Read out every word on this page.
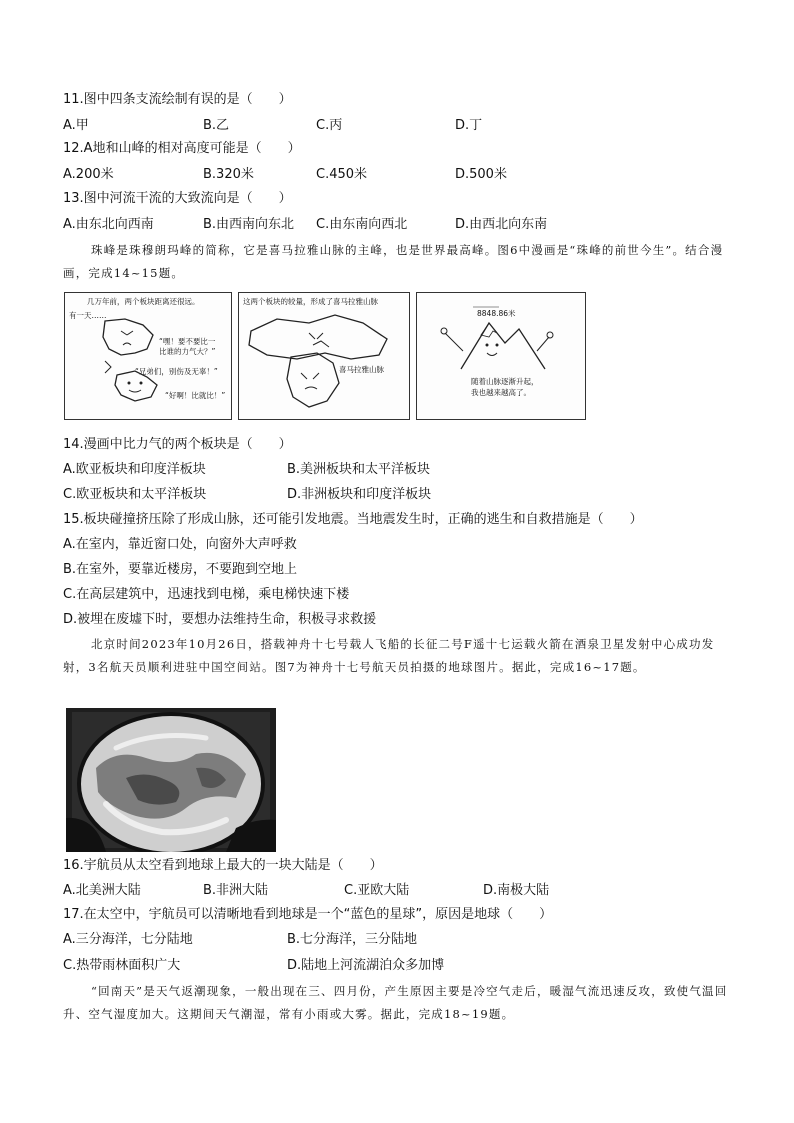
11.图中四条支流绘制有误的是（　　）
A.甲	B.乙	C.丙	D.丁
12.A地和山峰的相对高度可能是（　　）
A.200米	B.320米	C.450米	D.500米
13.图中河流干流的大致流向是（　　）
A.由东北向西南	B.由西南向东北 C.由东南向西北	D.由西北向东南
珠峰是珠穆朗玛峰的简称，它是喜马拉雅山脉的主峰，也是世界最高峰。图6中漫画是“珠峰的前世今生”。结合漫画，完成14~15题。
几万年前，两个板块距离还很远。
有一天……
“嘿！要不要比一
比谁的力气大？”
“兄弟们，别伤及无辜！”
“好啊！比就比！”
这两个板块的较量，形成了喜马拉雅山脉
喜马拉雅山脉
8848.86米
随着山脉逐渐升起，
我也越来越高了。
14.漫画中比力气的两个板块是（　　）
A.欧亚板块和印度洋板块	B.美洲板块和太平洋板块
C.欧亚板块和太平洋板块	D.非洲板块和印度洋板块
15.板块碰撞挤压除了形成山脉，还可能引发地震。当地震发生时，正确的逃生和自救措施是（　　）
A.在室内，靠近窗口处，向窗外大声呼救
B.在室外，要靠近楼房，不要跑到空地上
C.在高层建筑中，迅速找到电梯，乘电梯快速下楼
D.被埋在废墟下时，要想办法维持生命，积极寻求救援
北京时间2023年10月26日，搭载神舟十七号载人飞船的长征二号F遥十七运载火箭在酒泉卫星发射中心成功发射，3名航天员顺利进驻中国空间站。图7为神舟十七号航天员拍摄的地球图片。据此，完成16~17题。
16.宇航员从太空看到地球上最大的一块大陆是（　　）
A.北美洲大陆	B.非洲大陆	C.亚欧大陆	D.南极大陆
17.在太空中，宇航员可以清晰地看到地球是一个“蓝色的星球”，原因是地球（　　）
A.三分海洋，七分陆地	B.七分海洋，三分陆地
C.热带雨林面积广大	D.陆地上河流湖泊众多加博
“回南天”是天气返潮现象，一般出现在三、四月份，产生原因主要是冷空气走后，暖湿气流迅速反攻，致使气温回升、空气湿度加大。这期间天气潮湿，常有小雨或大雾。据此，完成18~19题。
